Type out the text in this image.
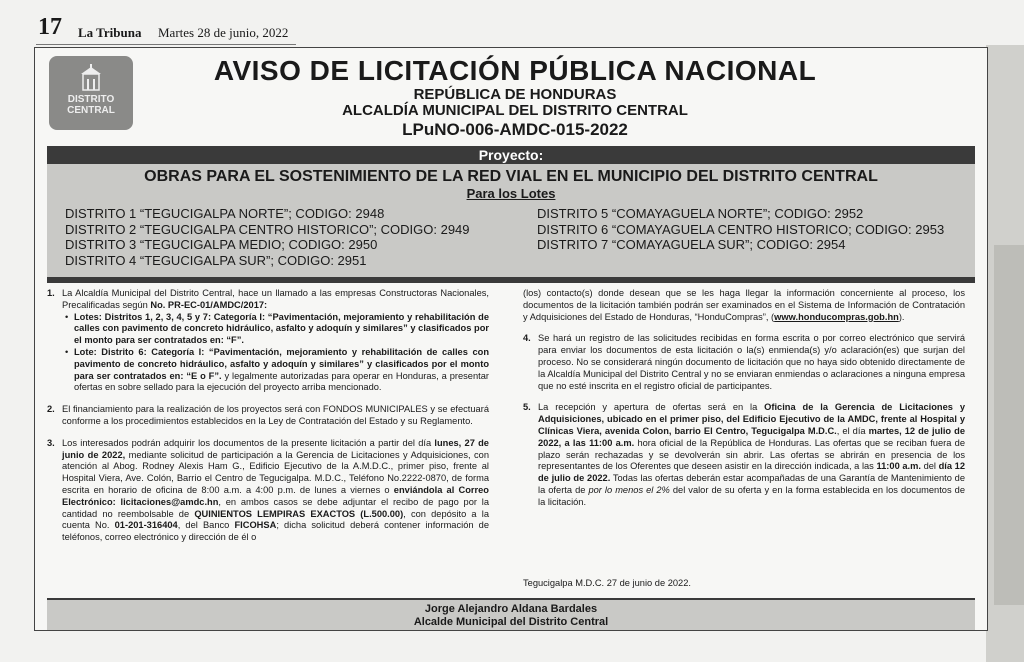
17 La Tribuna Martes 28 de junio, 2022
DISTRITO
CENTRAL
AVISO DE LICITACIÓN PÚBLICA NACIONAL
REPÚBLICA DE HONDURAS
ALCALDÍA MUNICIPAL DEL DISTRITO CENTRAL
LPuNO-006-AMDC-015-2022
Proyecto:
OBRAS PARA EL SOSTENIMIENTO DE LA RED VIAL EN EL MUNICIPIO DEL DISTRITO CENTRAL
Para los Lotes
DISTRITO 1 “TEGUCIGALPA NORTE”; CODIGO: 2948
DISTRITO 2 “TEGUCIGALPA CENTRO HISTORICO”; CODIGO: 2949
DISTRITO 3 “TEGUCIGALPA MEDIO; CODIGO: 2950
DISTRITO 4 “TEGUCIGALPA SUR”; CODIGO: 2951
DISTRITO 5 “COMAYAGUELA NORTE”; CODIGO: 2952
DISTRITO 6 “COMAYAGUELA CENTRO HISTORICO; CODIGO: 2953
DISTRITO 7 “COMAYAGUELA SUR”; CODIGO: 2954
1. La Alcaldía Municipal del Distrito Central, hace un llamado a las empresas Constructoras Nacionales, Precalificadas según No. PR-EC-01/AMDC/2017:
• Lotes: Distritos 1, 2, 3, 4, 5 y 7: Categoría I: “Pavimentación, mejoramiento y rehabilitación de calles con pavimento de concreto hidráulico, asfalto y adoquín y similares” y clasificados por el monto para ser contratados en: “F”.
• Lote: Distrito 6: Categoría I: “Pavimentación, mejoramiento y rehabilitación de calles con pavimento de concreto hidráulico, asfalto y adoquín y similares” y clasificados por el monto para ser contratados en: “E o F”. y legalmente autorizadas para operar en Honduras, a presentar ofertas en sobre sellado para la ejecución del proyecto arriba mencionado.
2. El financiamiento para la realización de los proyectos será con FONDOS MUNICIPALES y se efectuará conforme a los procedimientos establecidos en la Ley de Contratación del Estado y su Reglamento.
3. Los interesados podrán adquirir los documentos de la presente licitación a partir del día lunes, 27 de junio de 2022, mediante solicitud de participación a la Gerencia de Licitaciones y Adquisiciones, con atención al Abog. Rodney Alexis Ham G., Edificio Ejecutivo de la A.M.D.C., primer piso, frente al Hospital Viera, Ave. Colón, Barrio el Centro de Tegucigalpa. M.D.C., Teléfono No.2222-0870, de forma escrita en horario de oficina de 8:00 a.m. a 4:00 p.m. de lunes a viernes o enviándola al Correo Electrónico: licitaciones@amdc.hn, en ambos casos se debe adjuntar el recibo de pago por la cantidad no reembolsable de QUINIENTOS LEMPIRAS EXACTOS (L.500.00), con depósito a la cuenta No. 01-201-316404, del Banco FICOHSA; dicha solicitud deberá contener información de teléfonos, correo electrónico y dirección de él o
(los) contacto(s) donde desean que se les haga llegar la información concerniente al proceso, los documentos de la licitación también podrán ser examinados en el Sistema de Información de Contratación y Adquisiciones del Estado de Honduras, “HonduCompras”, (www.honducompras.gob.hn).
4. Se hará un registro de las solicitudes recibidas en forma escrita o por correo electrónico que servirá para enviar los documentos de esta licitación o la(s) enmienda(s) y/o aclaración(es) que surjan del proceso. No se considerará ningún documento de licitación que no haya sido obtenido directamente de la Alcaldía Municipal del Distrito Central y no se enviaran enmiendas o aclaraciones a ninguna empresa que no esté inscrita en el registro oficial de participantes.
5. La recepción y apertura de ofertas será en la Oficina de la Gerencia de Licitaciones y Adquisiciones, ubicado en el primer piso, del Edificio Ejecutivo de la AMDC, frente al Hospital y Clínicas Viera, avenida Colon, barrio El Centro, Tegucigalpa M.D.C., el día martes, 12 de julio de 2022, a las 11:00 a.m. hora oficial de la República de Honduras. Las ofertas que se reciban fuera de plazo serán rechazadas y se devolverán sin abrir. Las ofertas se abrirán en presencia de los representantes de los Oferentes que deseen asistir en la dirección indicada, a las 11:00 a.m. del día 12 de julio de 2022. Todas las ofertas deberán estar acompañadas de una Garantía de Mantenimiento de la oferta de por lo menos el 2% del valor de su oferta y en la forma establecida en los documentos de la licitación.
Tegucigalpa M.D.C. 27 de junio de 2022.
Jorge Alejandro Aldana Bardales
Alcalde Municipal del Distrito Central
